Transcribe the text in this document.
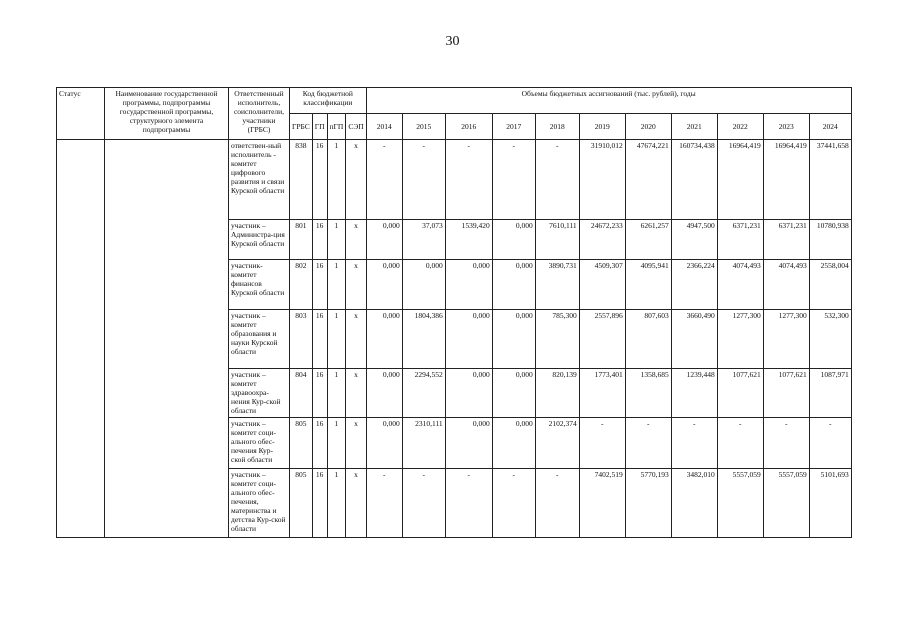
30
Статус	Наименование государственной программы, подпрограммы государственной программы, структурного элемента подпрограммы	Ответственный исполнитель, соисполнители, участники (ГРБС)	Код бюджетной классификации				Объемы бюджетных ассигнований (тыс. рублей), годы										
			ГРБС	ГП	пГП	СЭП	2014	2015	2016	2017	2018	2019	2020	2021	2022	2023	2024
		ответствен-ный исполнитель - комитет цифрового развития и связи Курской области	838	16	1	x	-	-	-	-	-	31910,012	47674,221	160734,438	16964,419	16964,419	37441,658
		участник – Администра-ция Курской области	801	16	1	x	0,000	37,073	1539,420	0,000	7610,111	24672,233	6261,257	4947,500	6371,231	6371,231	10780,938
		участник-комитет финансов Курской области	802	16	1	x	0,000	0,000	0,000	0,000	3890,731	4509,307	4095,941	2366,224	4074,493	4074,493	2558,004
		участник – комитет образования и науки Курской области	803	16	1	x	0,000	1804,386	0,000	0,000	785,300	2557,896	807,603	3660,490	1277,300	1277,300	532,300
		участник – комитет здравоохра-нения Кур-ской области	804	16	1	x	0,000	2294,552	0,000	0,000	820,139	1773,401	1358,685	1239,448	1077,621	1077,621	1087,971
		участник – комитет соци-ального обес-печения Кур-ской области	805	16	1	x	0,000	2310,111	0,000	0,000	2102,374	-	-	-	-	-	-
		участник – комитет соци-ального обес-печения, материнства и детства Кур-ской области	805	16	1	x	-	-	-	-	-	7402,519	5770,193	3482,010	5557,059	5557,059	5101,693
